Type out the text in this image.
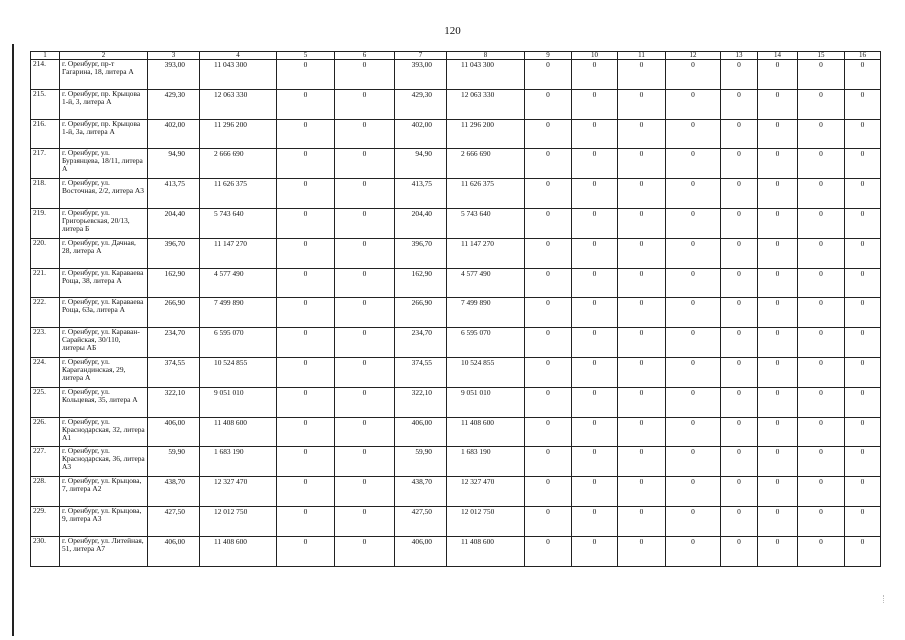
120
1	2	3	4	5	6	7	8	9	10	11	12	13	14	15	16
214.	г. Оренбург, пр-т Гагарина, 18, литера А	393,00	11 043 300	0	0	393,00	11 043 300	0	0	0	0	0	0	0	0
215.	г. Оренбург, пр. Крыцова 1-й, 3, литера А	429,30	12 063 330	0	0	429,30	12 063 330	0	0	0	0	0	0	0	0
216.	г. Оренбург, пр. Крыцова 1-й, 3а, литера А	402,00	11 296 200	0	0	402,00	11 296 200	0	0	0	0	0	0	0	0
217.	г. Оренбург, ул. Бурзянцева, 18/11, литера А	94,90	2 666 690	0	0	94,90	2 666 690	0	0	0	0	0	0	0	0
218.	г. Оренбург, ул. Восточная, 2/2, литера А3	413,75	11 626 375	0	0	413,75	11 626 375	0	0	0	0	0	0	0	0
219.	г. Оренбург, ул. Григорьевская, 20/13, литера Б	204,40	5 743 640	0	0	204,40	5 743 640	0	0	0	0	0	0	0	0
220.	г. Оренбург, ул. Дачная, 28, литера А	396,70	11 147 270	0	0	396,70	11 147 270	0	0	0	0	0	0	0	0
221.	г. Оренбург, ул. Караваева Роща, 38, литера А	162,90	4 577 490	0	0	162,90	4 577 490	0	0	0	0	0	0	0	0
222.	г. Оренбург, ул. Караваева Роща, 63а, литера А	266,90	7 499 890	0	0	266,90	7 499 890	0	0	0	0	0	0	0	0
223.	г. Оренбург, ул. Караван-Сарайская, 30/110, литеры АБ	234,70	6 595 070	0	0	234,70	6 595 070	0	0	0	0	0	0	0	0
224.	г. Оренбург, ул. Карагандинская, 29, литера А	374,55	10 524 855	0	0	374,55	10 524 855	0	0	0	0	0	0	0	0
225.	г. Оренбург, ул. Кольцевая, 35, литера А	322,10	9 051 010	0	0	322,10	9 051 010	0	0	0	0	0	0	0	0
226.	г. Оренбург, ул. Краснодарская, 32, литера А1	406,00	11 408 600	0	0	406,00	11 408 600	0	0	0	0	0	0	0	0
227.	г. Оренбург, ул. Краснодарская, 36, литера А3	59,90	1 683 190	0	0	59,90	1 683 190	0	0	0	0	0	0	0	0
228.	г. Оренбург, ул. Крыцова, 7, литера А2	438,70	12 327 470	0	0	438,70	12 327 470	0	0	0	0	0	0	0	0
229.	г. Оренбург, ул. Крыцова, 9, литера А3	427,50	12 012 750	0	0	427,50	12 012 750	0	0	0	0	0	0	0	0
230.	г. Оренбург, ул. Литейная, 51, литера А7	406,00	11 408 600	0	0	406,00	11 408 600	0	0	0	0	0	0	0	0
